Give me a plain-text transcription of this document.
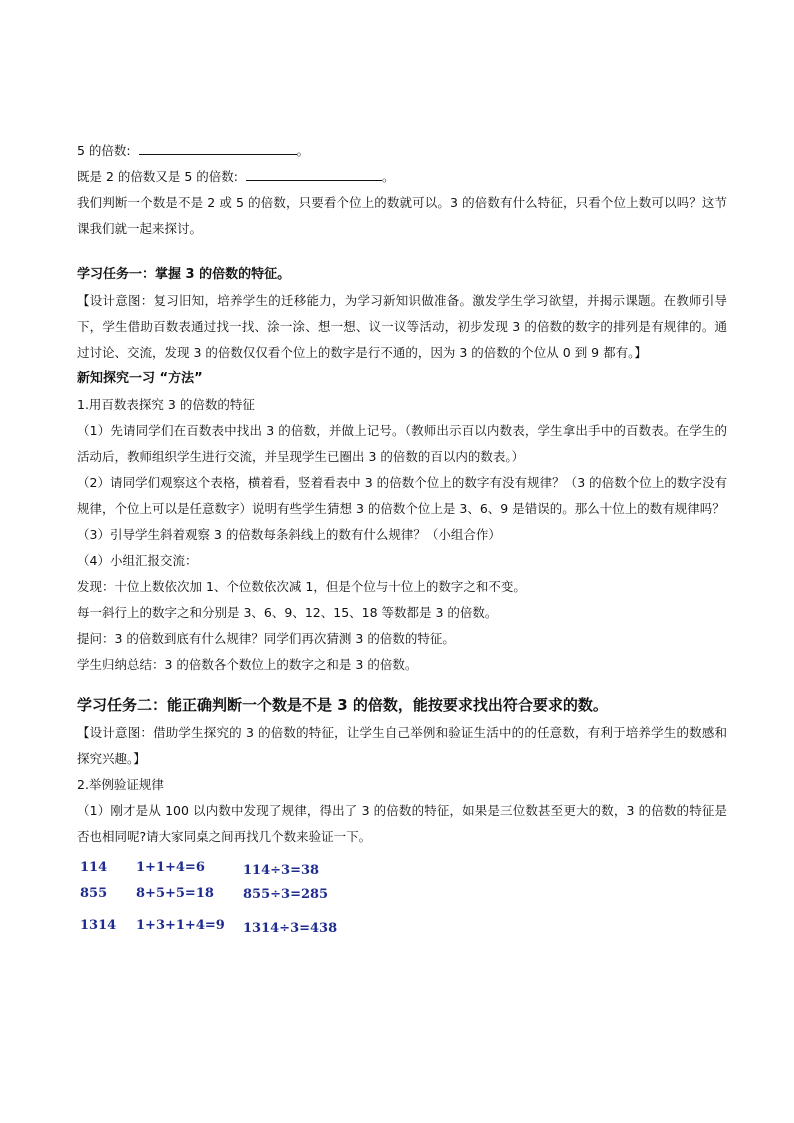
5 的倍数:	。

既是 2 的倍数又是 5 的倍数:	。

我们判断一个数是不是 2 或 5 的倍数，只要看个位上的数就可以。3 的倍数有什么特征，只看个位上数可以吗？这节课我们就一起来探讨。

学习任务一：掌握 3 的倍数的特征。

【设计意图：复习旧知，培养学生的迁移能力，为学习新知识做准备。激发学生学习欲望，并揭示课题。在教师引导下，学生借助百数表通过找一找、涂一涂、想一想、议一议等活动，初步发现 3 的倍数的数字的排列是有规律的。通过讨论、交流，发现 3 的倍数仅仅看个位上的数字是行不通的，因为 3 的倍数的个位从 0 到 9 都有。】

新知探究一习 “方法”

1.用百数表探究 3 的倍数的特征

（1）先请同学们在百数表中找出 3 的倍数，并做上记号。（教师出示百以内数表，学生拿出手中的百数表。在学生的活动后，教师组织学生进行交流，并呈现学生已圈出 3 的倍数的百以内的数表。）

（2）请同学们观察这个表格，横着看，竖着看表中 3 的倍数个位上的数字有没有规律？（3 的倍数个位上的数字没有规律，个位上可以是任意数字）说明有些学生猜想 3 的倍数个位上是 3、6、9 是错误的。那么十位上的数有规律吗？

（3）引导学生斜着观察 3 的倍数每条斜线上的数有什么规律？（小组合作）

（4）小组汇报交流：

发现：十位上数依次加 1、个位数依次减 1，但是个位与十位上的数字之和不变。

每一斜行上的数字之和分别是 3、6、9、12、15、18 等数都是 3 的倍数。

提问：3 的倍数到底有什么规律？同学们再次猜测 3 的倍数的特征。

学生归纳总结：3 的倍数各个数位上的数字之和是 3 的倍数。

学习任务二：能正确判断一个数是不是 3 的倍数，能按要求找出符合要求的数。

【设计意图：借助学生探究的 3 的倍数的特征，让学生自己举例和验证生活中的的任意数，有利于培养学生的数感和探究兴趣。】

2.举例验证规律

（1）刚才是从 100 以内数中发现了规律，得出了 3 的倍数的特征，如果是三位数甚至更大的数，3 的倍数的特征是否也相同呢?请大家同桌之间再找几个数来验证一下。

114 1+1+4=6	114÷3=38
855 8+5+5=18 855÷3=285
1314 1+3+1+4=9 1314÷3=438
